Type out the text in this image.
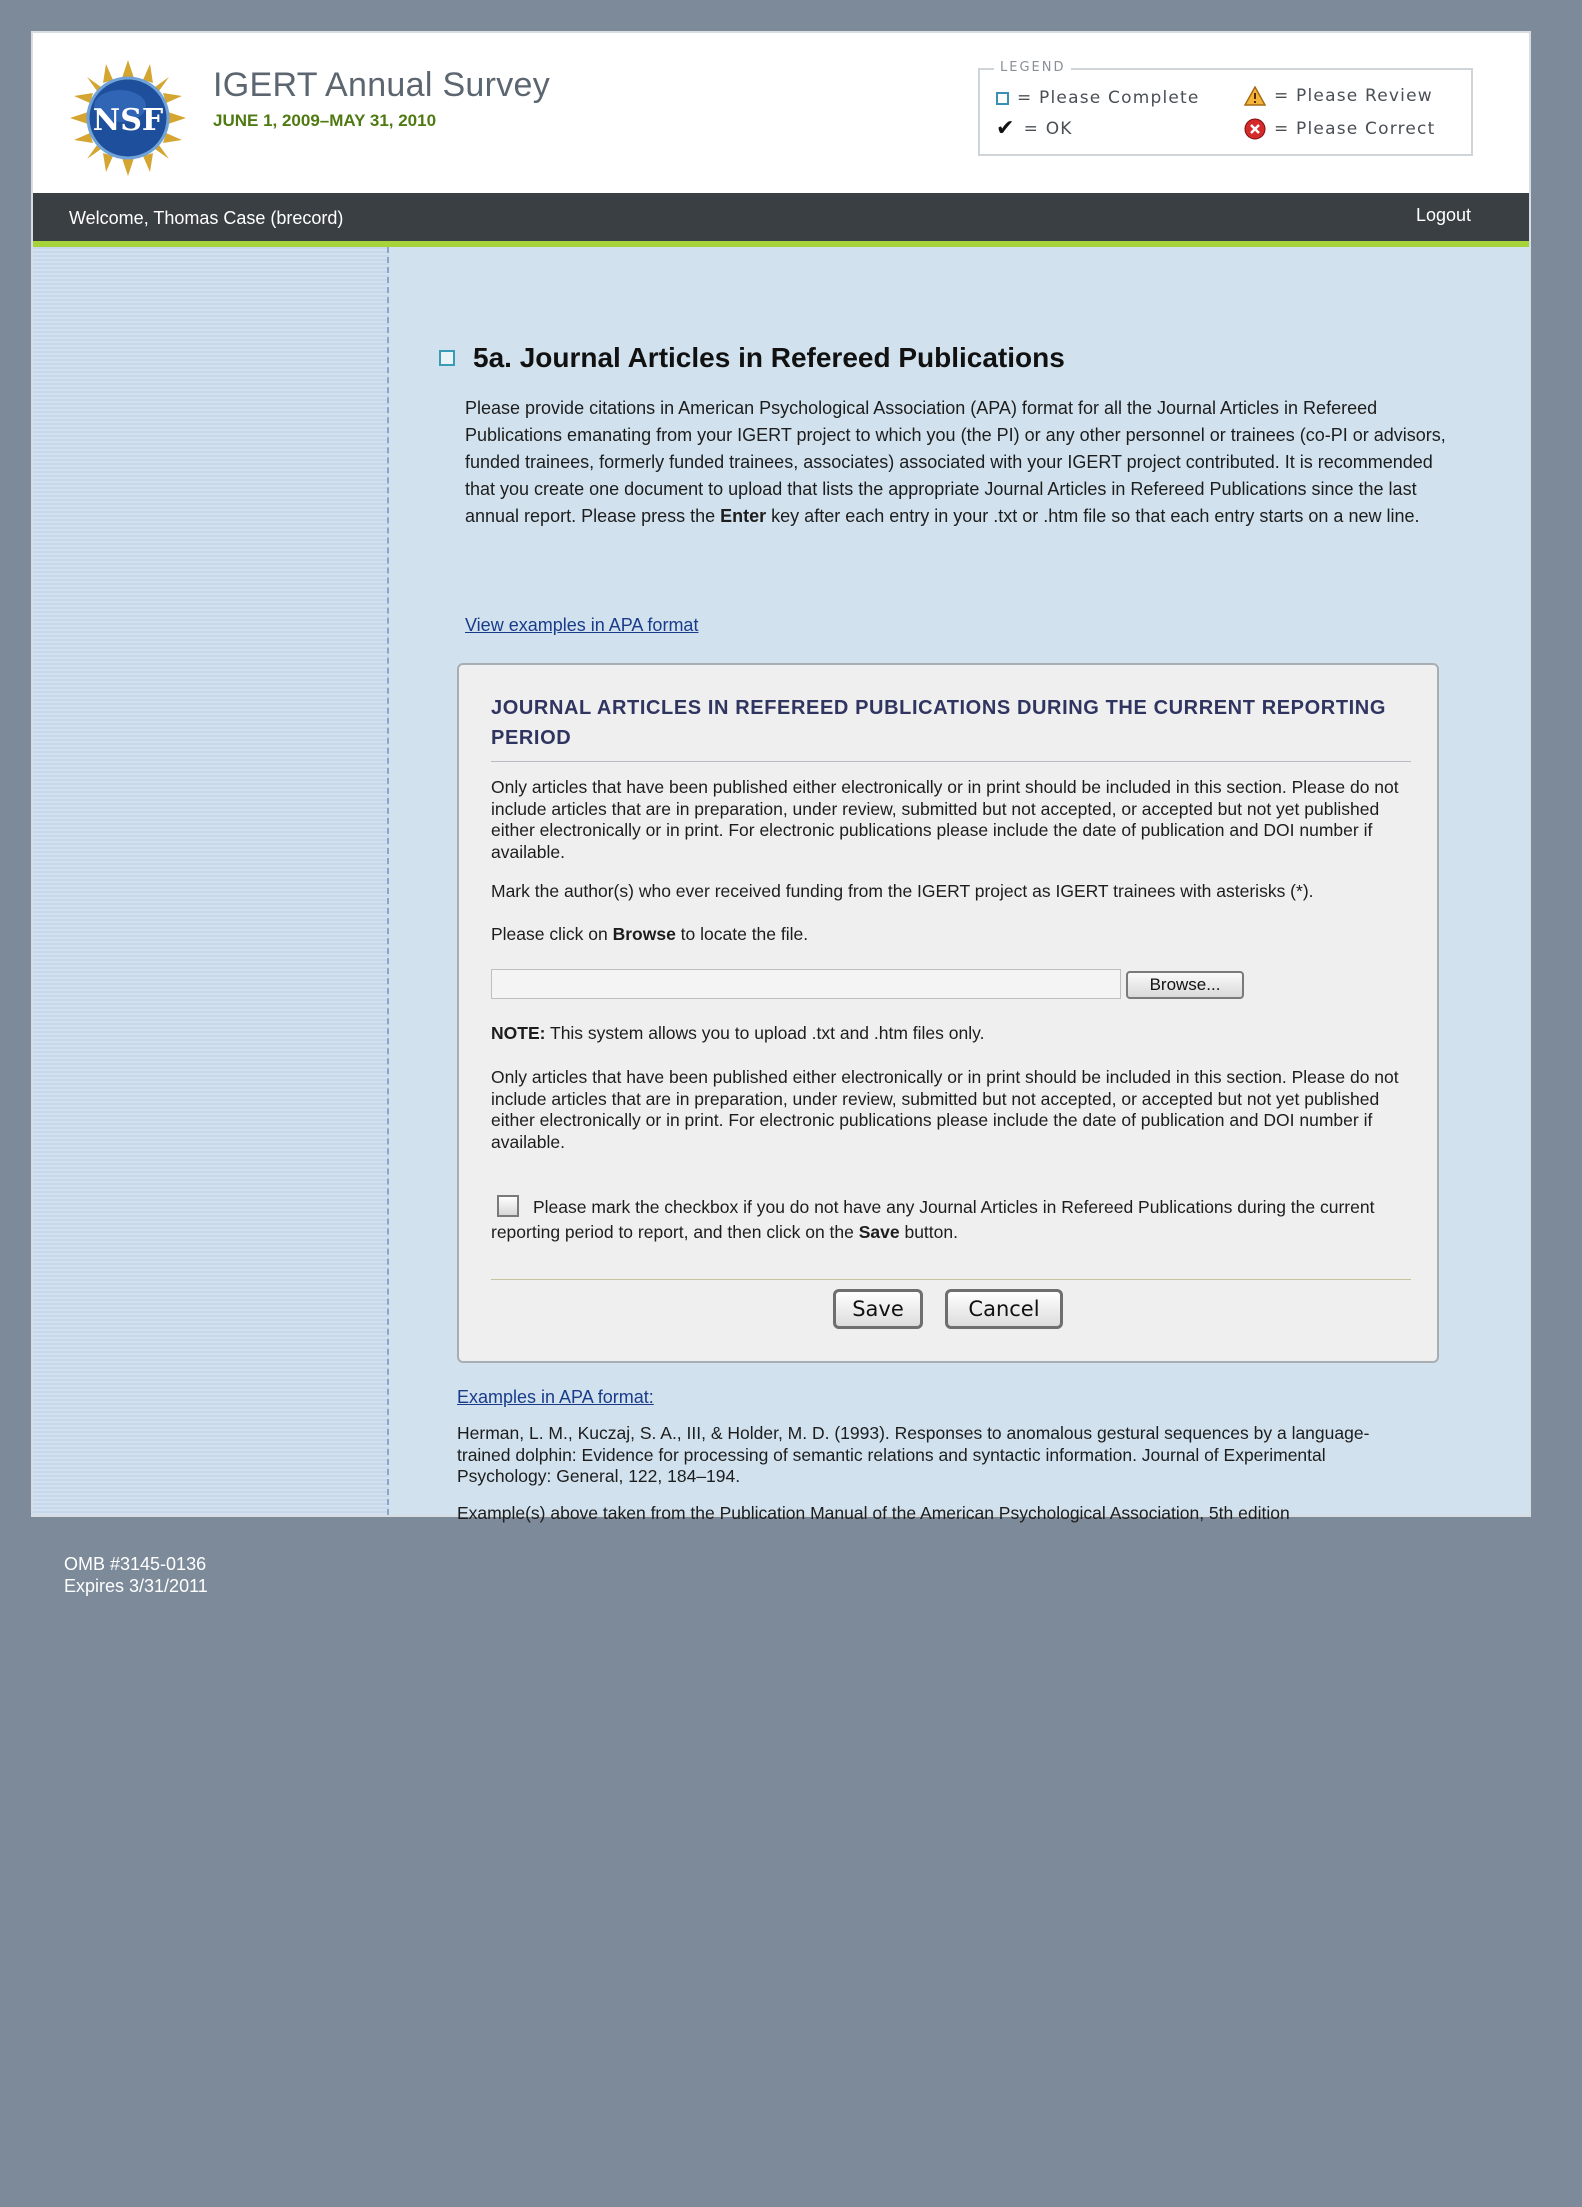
NSF
IGERT Annual Survey
JUNE 1, 2009–MAY 31, 2010
LEGEND
= Please Complete	= Please Review
✔ = OK	= Please Correct
Welcome, Thomas Case (brecord)	Logout
5a. Journal Articles in Refereed Publications
Please provide citations in American Psychological Association (APA) format for all the Journal Articles in Refereed Publications emanating from your IGERT project to which you (the PI) or any other personnel or trainees (co-PI or advisors, funded trainees, formerly funded trainees, associates) associated with your IGERT project contributed. It is recommended that you create one document to upload that lists the appropriate Journal Articles in Refereed Publications since the last annual report. Please press the Enter key after each entry in your .txt or .htm file so that each entry starts on a new line.
View examples in APA format
JOURNAL ARTICLES IN REFEREED PUBLICATIONS DURING THE CURRENT REPORTING PERIOD
Only articles that have been published either electronically or in print should be included in this section. Please do not include articles that are in preparation, under review, submitted but not accepted, or accepted but not yet published either electronically or in print. For electronic publications please include the date of publication and DOI number if available.
Mark the author(s) who ever received funding from the IGERT project as IGERT trainees with asterisks (*).
Please click on Browse to locate the file.
Browse...
NOTE: This system allows you to upload .txt and .htm files only.
Only articles that have been published either electronically or in print should be included in this section. Please do not include articles that are in preparation, under review, submitted but not accepted, or accepted but not yet published either electronically or in print. For electronic publications please include the date of publication and DOI number if available.
Please mark the checkbox if you do not have any Journal Articles in Refereed Publications during the current reporting period to report, and then click on the Save button.
Save	Cancel
Examples in APA format:
Herman, L. M., Kuczaj, S. A., III, & Holder, M. D. (1993). Responses to anomalous gestural sequences by a language-trained dolphin: Evidence for processing of semantic relations and syntactic information. Journal of Experimental Psychology: General, 122, 184–194.
Example(s) above taken from the Publication Manual of the American Psychological Association, 5th edition
OMB #3145-0136
Expires 3/31/2011
